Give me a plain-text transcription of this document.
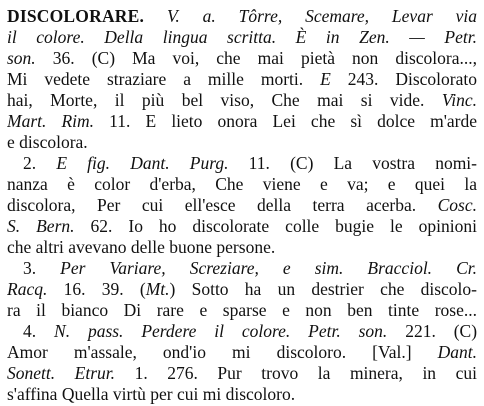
DISCOLORARE. V. a. Tôrre, Scemare, Levar via
il colore. Della lingua scritta. È in Zen. — Petr.
son. 36. (C) Ma voi, che mai pietà non discolora...,
Mi vedete straziare a mille morti. E 243. Discolorato
hai, Morte, il più bel viso, Che mai si vide. Vinc.
Mart. Rim. 11. E lieto onora Lei che sì dolce m'arde
e discolora.
2. E fig. Dant. Purg. 11. (C) La vostra nomi-
nanza è color d'erba, Che viene e va; e quei la
discolora, Per cui ell'esce della terra acerba. Cosc.
S. Bern. 62. Io ho discolorate colle bugie le opinioni
che altri avevano delle buone persone.
3. Per Variare, Screziare, e sim. Bracciol. Cr.
Racq. 16. 39. (Mt.) Sotto ha un destrier che discolo-
ra il bianco Di rare e sparse e non ben tinte rose...
4. N. pass. Perdere il colore. Petr. son. 221. (C)
Amor m'assale, ond'io mi discoloro. [Val.] Dant.
Sonett. Etrur. 1. 276. Pur trovo la minera, in cui
s'affina Quella virtù per cui mi discoloro.
